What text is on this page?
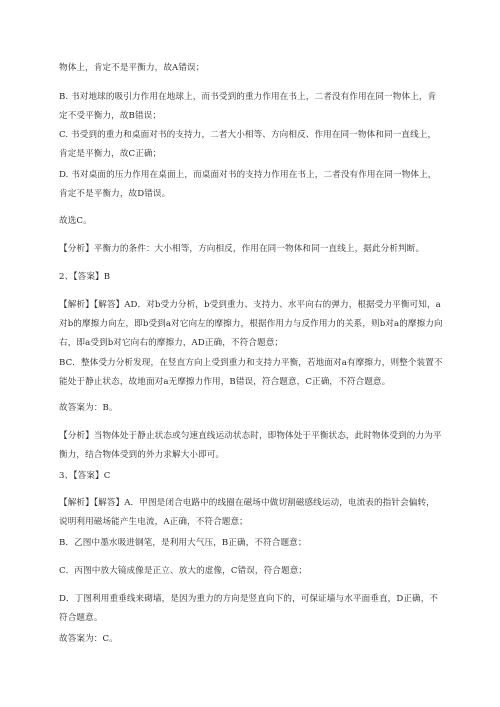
物体上，肯定不是平衡力，故A错误；

B. 书对地球的吸引力作用在地球上，而书受到的重力作用在书上，二者没有作用在同一物体上，肯定不受平衡力，故B错误；

C. 书受到的重力和桌面对书的支持力，二者大小相等、方向相反、作用在同一物体和同一直线上，肯定是平衡力，故C正确；

D. 书对桌面的压力作用在桌面上，而桌面对书的支持力作用在书上，二者没有作用在同一物体上，肯定不是平衡力，故D错误。

故选C。

【分析】平衡力的条件：大小相等，方向相反，作用在同一物体和同一直线上，据此分析判断。

2、【答案】B

【解析】【解答】AD．对b受力分析，b受到重力、支持力、水平向右的弹力，根据受力平衡可知，a对b的摩擦力向左，即b受到a对它向左的摩擦力，根据作用力与反作用力的关系，则b对a的摩擦力向右，即a受到b对它向右的摩擦力，AD正确，不符合题意；

BC．整体受力分析发现，在竖直方向上受到重力和支持力平衡，若地面对a有摩擦力，则整个装置不能处于静止状态，故地面对a无摩擦力作用，B错误，符合题意，C正确，不符合题意。

故答案为：B。

【分析】当物体处于静止状态或匀速直线运动状态时，即物体处于平衡状态，此时物体受到的力为平衡力，结合物体受到的外力求解大小即可。

3、【答案】C

【解析】【解答】A．甲图是闭合电路中的线圈在磁场中做切割磁感线运动，电流表的指针会偏转，说明利用磁场能产生电流，A正确，不符合题意；

B．乙图中墨水吸进钢笔，是利用大气压，B正确，不符合题意；

C．丙图中放大镜成像是正立、放大的虚像，C错误，符合题意；

D．丁图利用重垂线来砌墙，是因为重力的方向是竖直向下的，可保证墙与水平面垂直，D正确，不符合题意。

故答案为：C。
